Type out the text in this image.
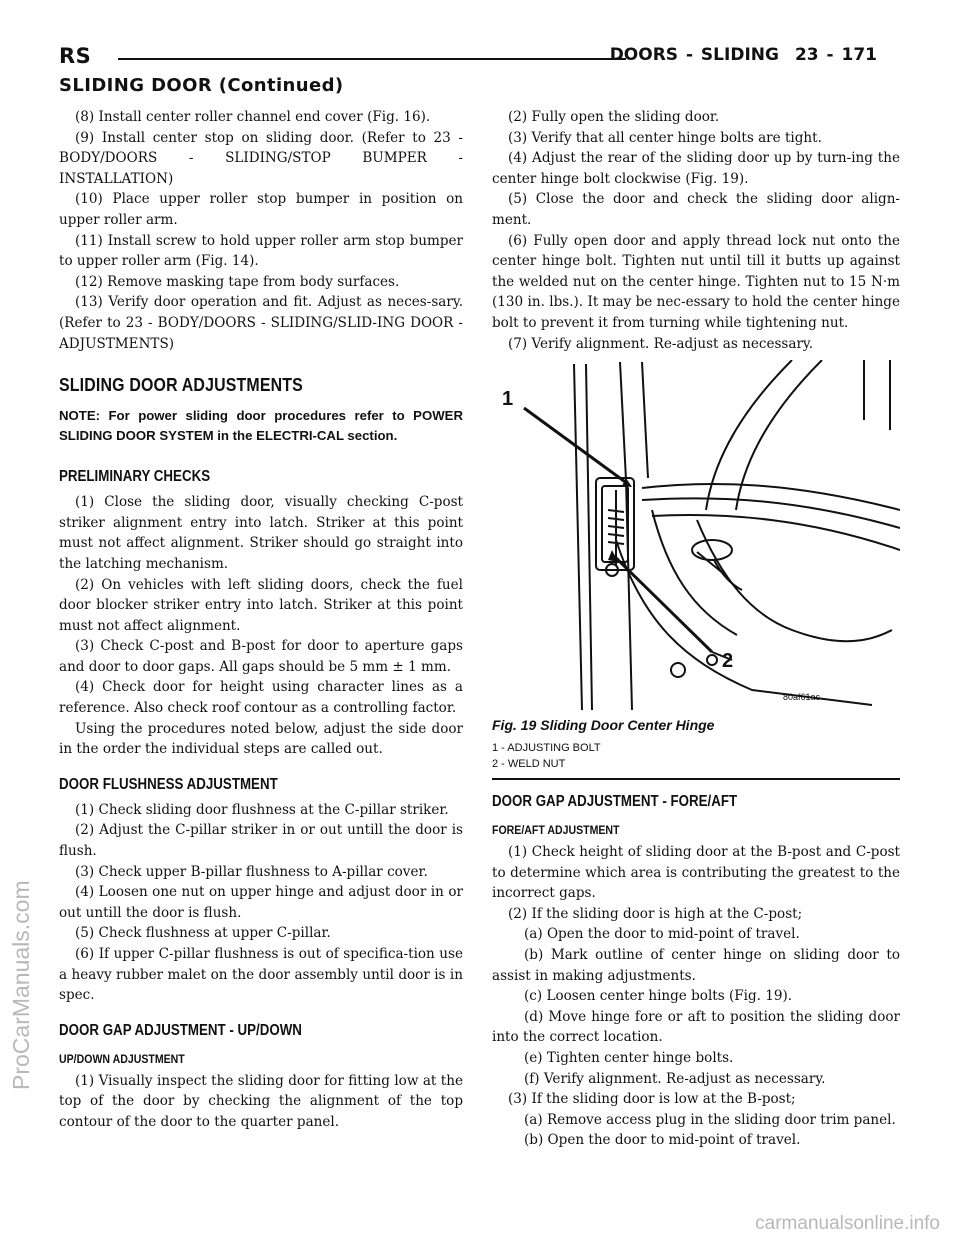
RS	DOORS - SLIDING 23 - 171
SLIDING DOOR (Continued)

(8) Install center roller channel end cover (Fig. 16).

(9) Install center stop on sliding door. (Refer to 23 - BODY/DOORS - SLIDING/STOP BUMPER - INSTALLATION)

(10) Place upper roller stop bumper in position on upper roller arm.

(11) Install screw to hold upper roller arm stop bumper to upper roller arm (Fig. 14).

(12) Remove masking tape from body surfaces.

(13) Verify door operation and fit. Adjust as neces-sary. (Refer to 23 - BODY/DOORS - SLIDING/SLID-ING DOOR - ADJUSTMENTS)

SLIDING DOOR ADJUSTMENTS

NOTE: For power sliding door procedures refer to POWER SLIDING DOOR SYSTEM in the ELECTRI-CAL section.

PRELIMINARY CHECKS

(1) Close the sliding door, visually checking C-post striker alignment entry into latch. Striker at this point must not affect alignment. Striker should go straight into the latching mechanism.

(2) On vehicles with left sliding doors, check the fuel door blocker striker entry into latch. Striker at this point must not affect alignment.

(3) Check C-post and B-post for door to aperture gaps and door to door gaps. All gaps should be 5 mm ± 1 mm.

(4) Check door for height using character lines as a reference. Also check roof contour as a controlling factor.

Using the procedures noted below, adjust the side door in the order the individual steps are called out.

DOOR FLUSHNESS ADJUSTMENT

(1) Check sliding door flushness at the C-pillar striker.

(2) Adjust the C-pillar striker in or out untill the door is flush.

(3) Check upper B-pillar flushness to A-pillar cover.

(4) Loosen one nut on upper hinge and adjust door in or out untill the door is flush.

(5) Check flushness at upper C-pillar.

(6) If upper C-pillar flushness is out of specifica-tion use a heavy rubber malet on the door assembly until door is in spec.

DOOR GAP ADJUSTMENT - UP/DOWN
UP/DOWN ADJUSTMENT

(1) Visually inspect the sliding door for fitting low at the top of the door by checking the alignment of the top contour of the door to the quarter panel.

(2) Fully open the sliding door.

(3) Verify that all center hinge bolts are tight.

(4) Adjust the rear of the sliding door up by turn-ing the center hinge bolt clockwise (Fig. 19).

(5) Close the door and check the sliding door align-ment.

(6) Fully open door and apply thread lock nut onto the center hinge bolt. Tighten nut until till it butts up against the welded nut on the center hinge. Tighten nut to 15 N·m (130 in. lbs.). It may be nec-essary to hold the center hinge bolt to prevent it from turning while tightening nut.

(7) Verify alignment. Re-adjust as necessary.

1
2
80af61ac
Fig. 19 Sliding Door Center Hinge
1 - ADJUSTING BOLT
2 - WELD NUT
DOOR GAP ADJUSTMENT - FORE/AFT
FORE/AFT ADJUSTMENT

(1) Check height of sliding door at the B-post and C-post to determine which area is contributing the greatest to the incorrect gaps.

(2) If the sliding door is high at the C-post;

(a) Open the door to mid-point of travel.

(b) Mark outline of center hinge on sliding door to assist in making adjustments.

(c) Loosen center hinge bolts (Fig. 19).

(d) Move hinge fore or aft to position the sliding door into the correct location.

(e) Tighten center hinge bolts.

(f) Verify alignment. Re-adjust as necessary.

(3) If the sliding door is low at the B-post;

(a) Remove access plug in the sliding door trim panel.

(b) Open the door to mid-point of travel.

ProCarManuals.com
carmanualsonline.info
